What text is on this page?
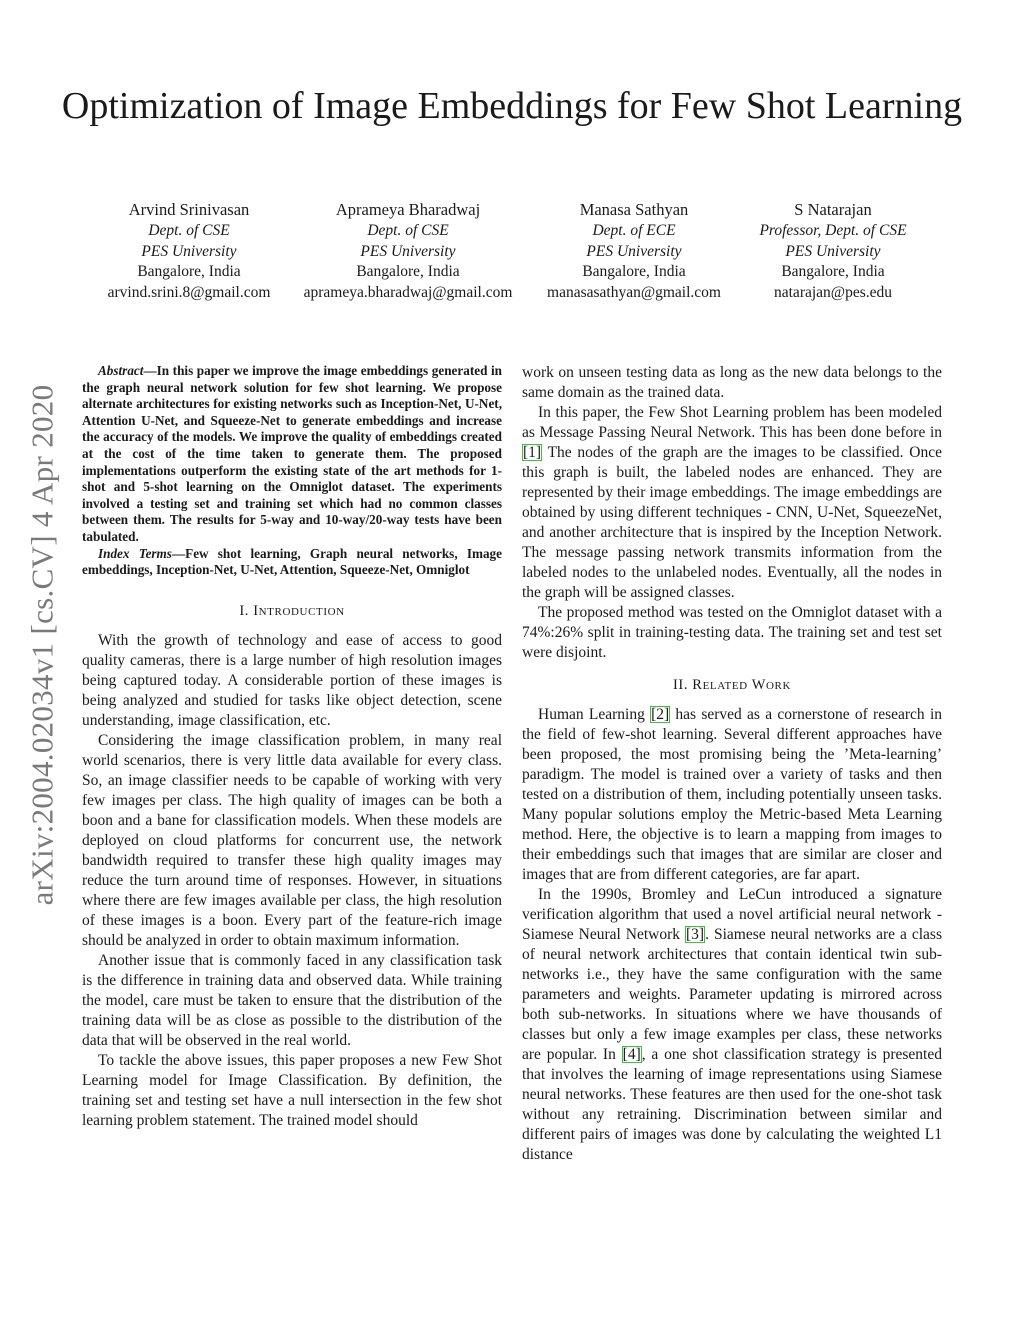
Optimization of Image Embeddings for Few Shot Learning
arXiv:2004.02034v1 [cs.CV] 4 Apr 2020
Arvind Srinivasan
Dept. of CSE
PES University
Bangalore, India
arvind.srini.8@gmail.com
Aprameya Bharadwaj
Dept. of CSE
PES University
Bangalore, India
aprameya.bharadwaj@gmail.com
Manasa Sathyan
Dept. of ECE
PES University
Bangalore, India
manasasathyan@gmail.com
S Natarajan
Professor, Dept. of CSE
PES University
Bangalore, India
natarajan@pes.edu

Abstract—In this paper we improve the image embeddings generated in the graph neural network solution for few shot learning. We propose alternate architectures for existing networks such as Inception-Net, U-Net, Attention U-Net, and Squeeze-Net to generate embeddings and increase the accuracy of the models. We improve the quality of embeddings created at the cost of the time taken to generate them. The proposed implementations outperform the existing state of the art methods for 1-shot and 5-shot learning on the Omniglot dataset. The experiments involved a testing set and training set which had no common classes between them. The results for 5-way and 10-way/20-way tests have been tabulated.

Index Terms—Few shot learning, Graph neural networks, Image embeddings, Inception-Net, U-Net, Attention, Squeeze-Net, Omniglot

I. INTRODUCTION

With the growth of technology and ease of access to good quality cameras, there is a large number of high resolution images being captured today. A considerable portion of these images is being analyzed and studied for tasks like object detection, scene understanding, image classification, etc.

Considering the image classification problem, in many real world scenarios, there is very little data available for every class. So, an image classifier needs to be capable of working with very few images per class. The high quality of images can be both a boon and a bane for classification models. When these models are deployed on cloud platforms for concurrent use, the network bandwidth required to transfer these high quality images may reduce the turn around time of responses. However, in situations where there are few images available per class, the high resolution of these images is a boon. Every part of the feature-rich image should be analyzed in order to obtain maximum information.

Another issue that is commonly faced in any classification task is the difference in training data and observed data. While training the model, care must be taken to ensure that the distribution of the training data will be as close as possible to the distribution of the data that will be observed in the real world.

To tackle the above issues, this paper proposes a new Few Shot Learning model for Image Classification. By definition, the training set and testing set have a null intersection in the few shot learning problem statement. The trained model should

work on unseen testing data as long as the new data belongs to the same domain as the trained data.

In this paper, the Few Shot Learning problem has been modeled as Message Passing Neural Network. This has been done before in [1] The nodes of the graph are the images to be classified. Once this graph is built, the labeled nodes are enhanced. They are represented by their image embeddings. The image embeddings are obtained by using different techniques - CNN, U-Net, SqueezeNet, and another architecture that is inspired by the Inception Network. The message passing network transmits information from the labeled nodes to the unlabeled nodes. Eventually, all the nodes in the graph will be assigned classes.

The proposed method was tested on the Omniglot dataset with a 74%:26% split in training-testing data. The training set and test set were disjoint.

II. RELATED WORK

Human Learning [2] has served as a cornerstone of research in the field of few-shot learning. Several different approaches have been proposed, the most promising being the ’Meta-learning’ paradigm. The model is trained over a variety of tasks and then tested on a distribution of them, including potentially unseen tasks. Many popular solutions employ the Metric-based Meta Learning method. Here, the objective is to learn a mapping from images to their embeddings such that images that are similar are closer and images that are from different categories, are far apart.

In the 1990s, Bromley and LeCun introduced a signature verification algorithm that used a novel artificial neural network - Siamese Neural Network [3]. Siamese neural networks are a class of neural network architectures that contain identical twin sub-networks i.e., they have the same configuration with the same parameters and weights. Parameter updating is mirrored across both sub-networks. In situations where we have thousands of classes but only a few image examples per class, these networks are popular. In [4], a one shot classification strategy is presented that involves the learning of image representations using Siamese neural networks. These features are then used for the one-shot task without any retraining. Discrimination between similar and different pairs of images was done by calculating the weighted L1 distance
